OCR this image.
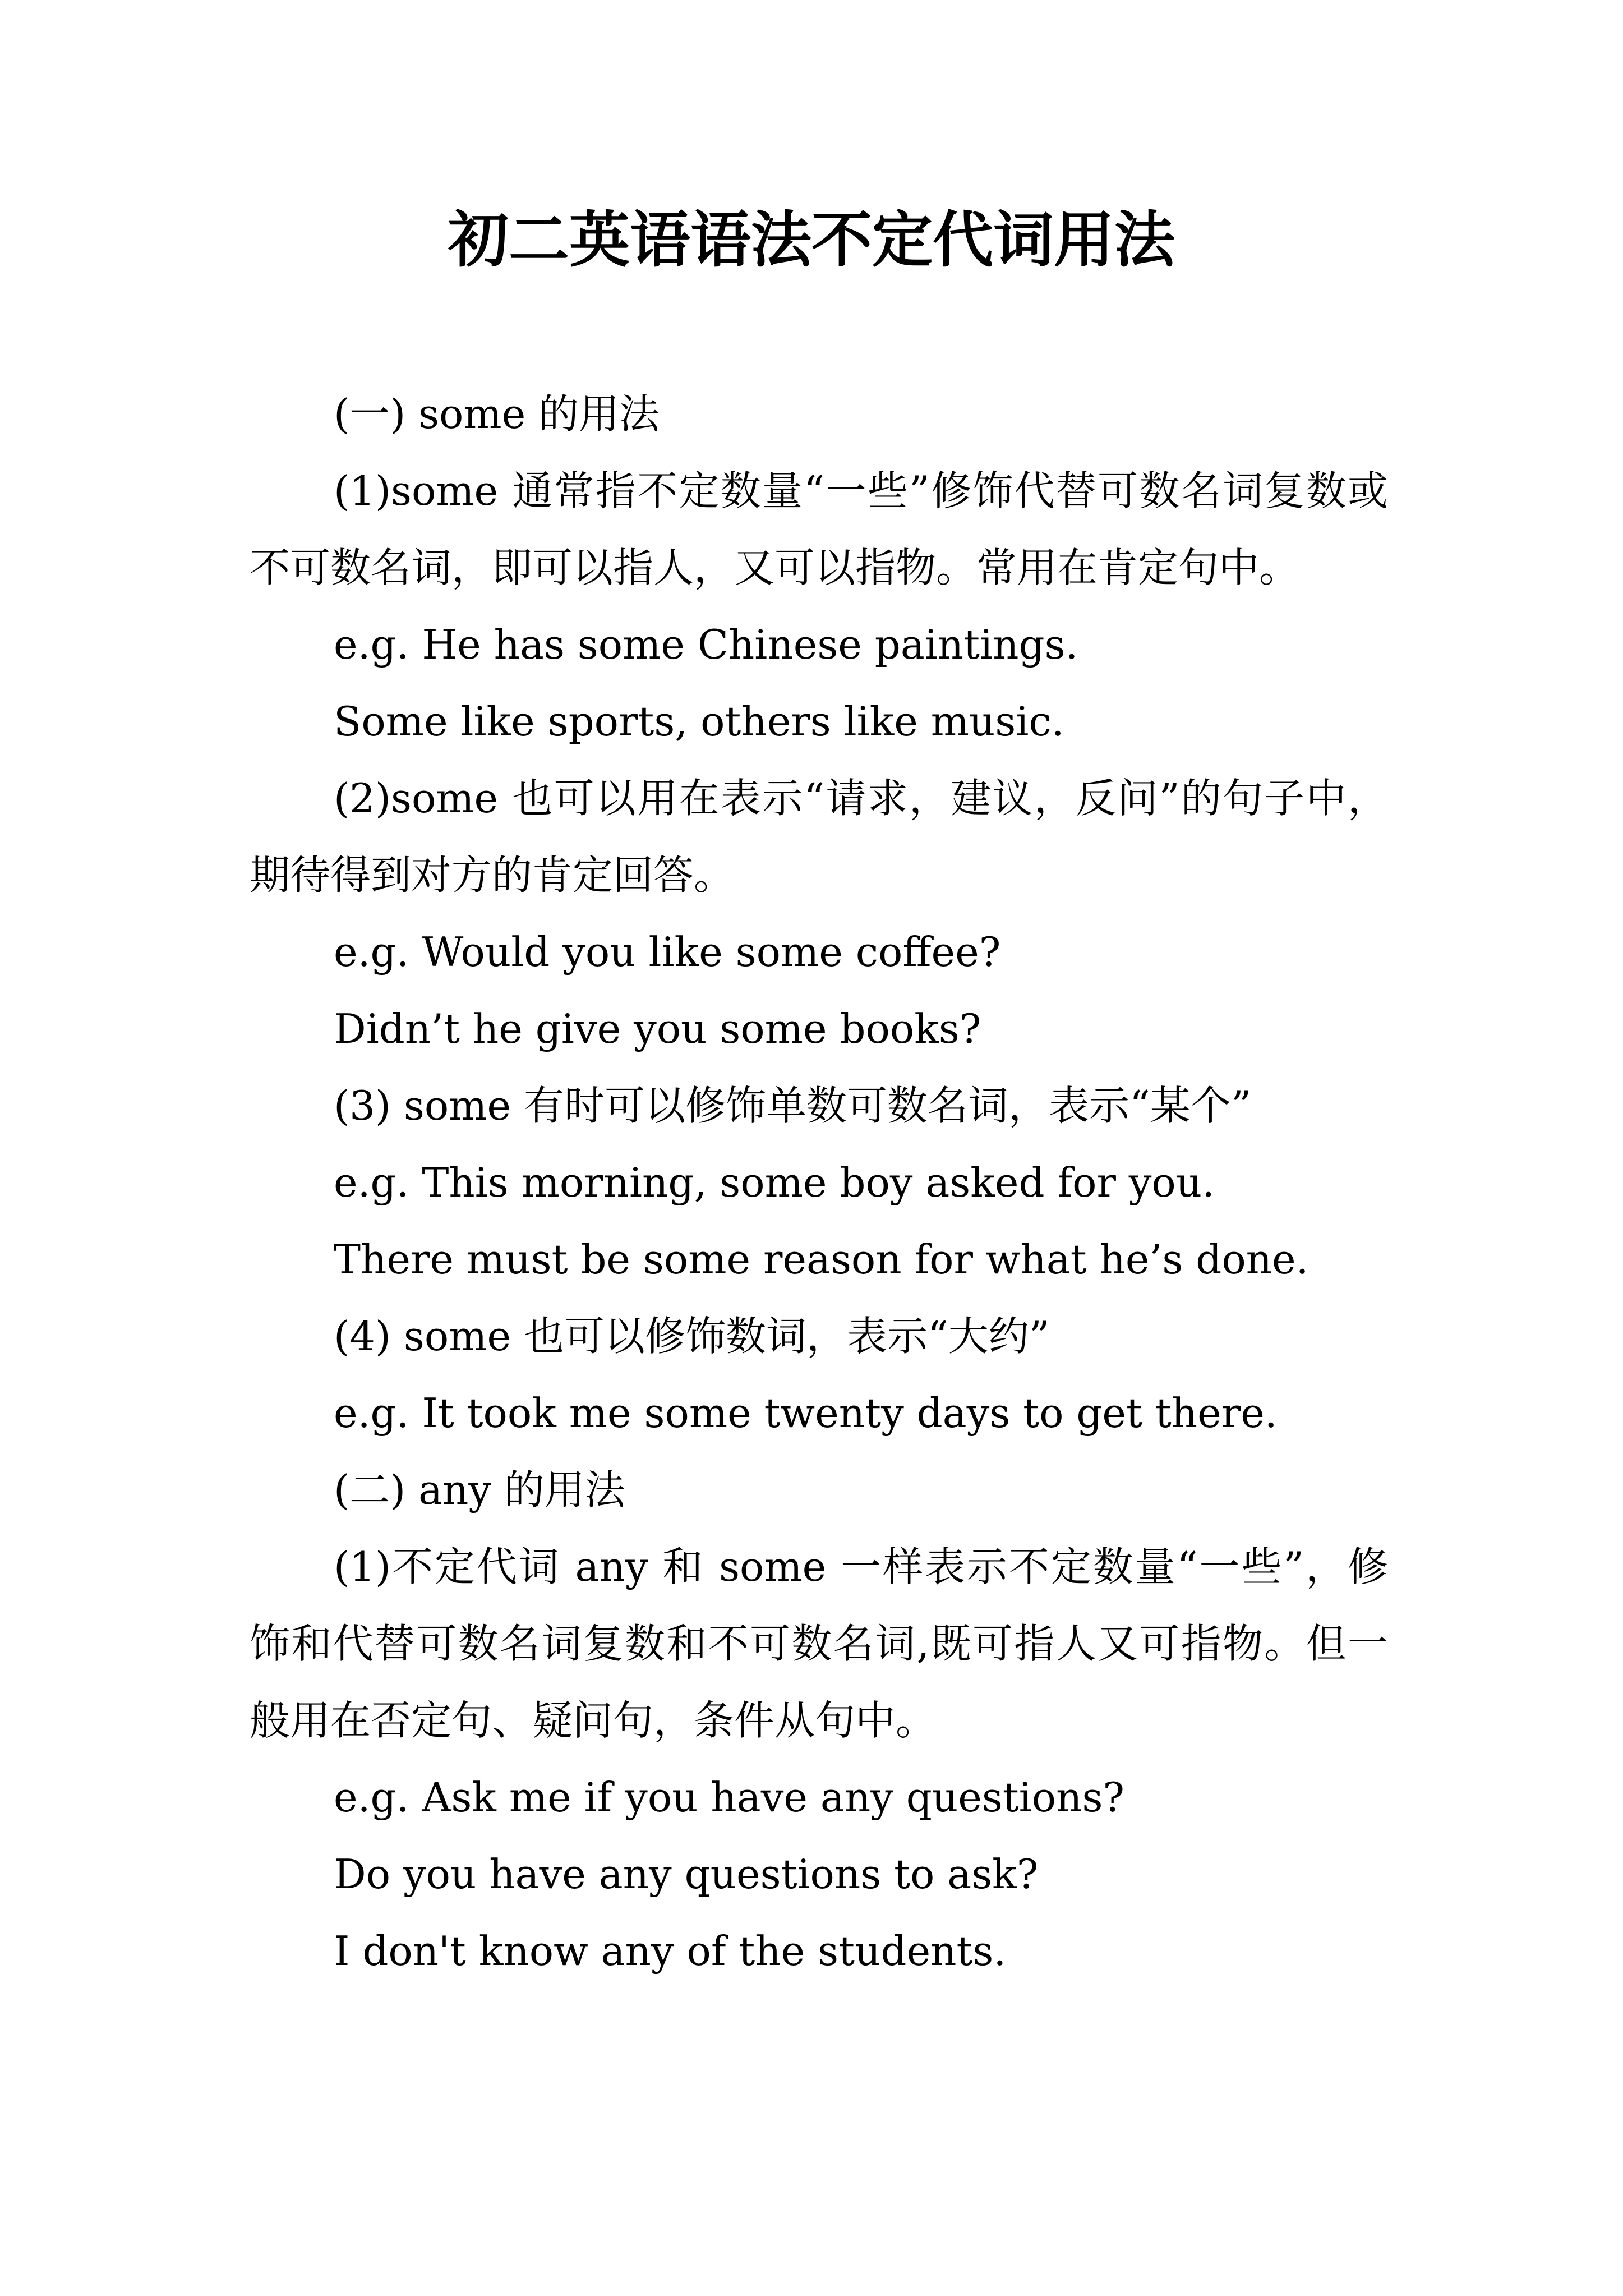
初二英语语法不定代词用法
(一) some 的用法
(1)some 通常指不定数量“一些”修饰代替可数名词复数或不可数名词，即可以指人，又可以指物。常用在肯定句中。
e.g. He has some Chinese paintings.
Some like sports, others like music.
(2)some 也可以用在表示“请求，建议，反问”的句子中，期待得到对方的肯定回答。
e.g. Would you like some coffee?
Didn’t he give you some books?
(3) some 有时可以修饰单数可数名词，表示“某个”
e.g. This morning, some boy asked for you.
There must be some reason for what he’s done.
(4) some 也可以修饰数词，表示“大约”
e.g. It took me some twenty days to get there.
(二) any 的用法
(1)不定代词 any 和 some 一样表示不定数量“一些”，修饰和代替可数名词复数和不可数名词,既可指人又可指物。但一般用在否定句、疑问句，条件从句中。
e.g. Ask me if you have any questions?
Do you have any questions to ask?
I don't know any of the students.
